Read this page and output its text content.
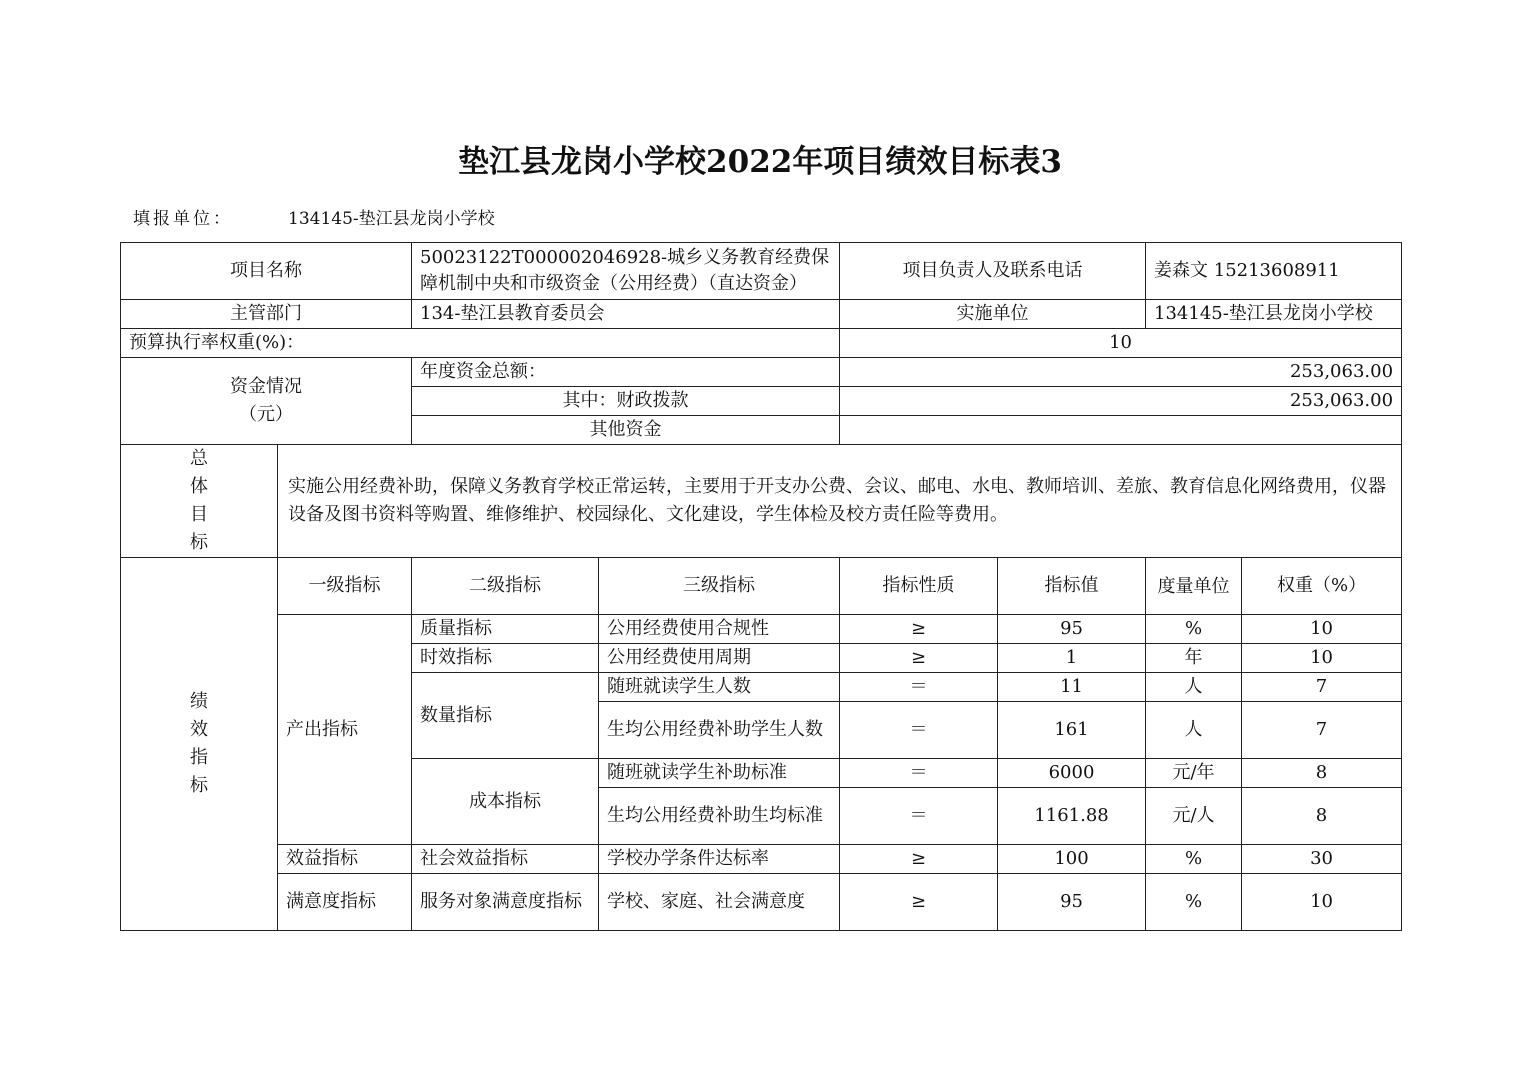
垫江县龙岗小学校2022年项目绩效目标表3
填报单位：	134145-垫江县龙岗小学校
项目名称		50023122T000002046928-城乡义务教育经费保障机制中央和市级资金（公用经费）（直达资金）		项目负责人及联系电话		姜森文 15213608911	
主管部门		134-垫江县教育委员会		实施单位		134145-垫江县龙岗小学校	
预算执行率权重(%)：				10			

资金情况
（元）		年度资金总额：		253,063.00			
		其中：财政拨款		253,063.00			
		其他资金					

总
体
目
标	实施公用经费补助，保障义务教育学校正常运转，主要用于开支办公费、会议、邮电、水电、教师培训、差旅、教育信息化网络费用，仪器设备及图书资料等购置、维修维护、校园绿化、文化建设，学生体检及校方责任险等费用。						

绩
效
指
标	一级指标	二级指标	三级指标	指标性质	指标值	度量单位	权重（%）
	产出指标	质量指标	公用经费使用合规性	≥	95	%	10
		时效指标	公用经费使用周期	≥	1	年	10
		数量指标	随班就读学生人数	＝	11	人	7
			生均公用经费补助学生人数	＝	161	人	7
		成本指标	随班就读学生补助标准	＝	6000	元/年	8
			生均公用经费补助生均标准	＝	1161.88	元/人	8
	效益指标	社会效益指标	学校办学条件达标率	≥	100	%	30
	满意度指标	服务对象满意度指标	学校、家庭、社会满意度	≥	95	%	10
